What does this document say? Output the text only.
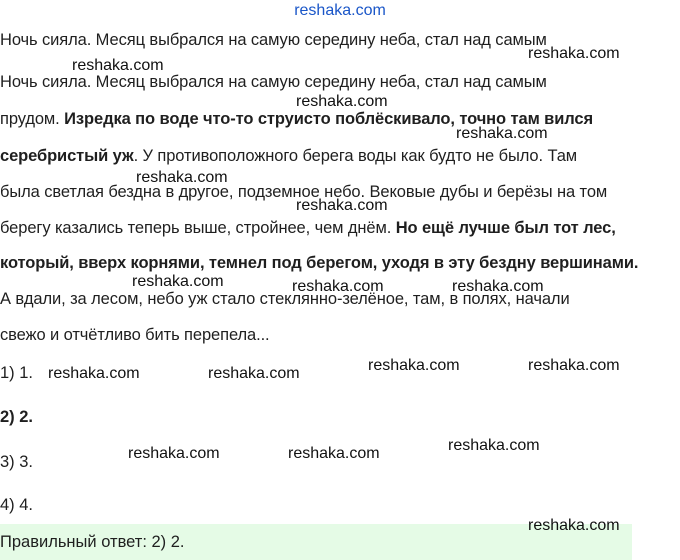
reshaka.com
Ночь сияла. Месяц выбрался на самую середину неба, стал над самым
Ночь сияла. Месяц выбрался на самую середину неба, стал над самым
прудом. Изредка по воде что-то струисто поблёскивало, точно там вился
серебристый уж. У противоположного берега воды как будто не было. Там
была светлая бездна в другое, подземное небо. Вековые дубы и берёзы на том
берегу казались теперь выше, стройнее, чем днём. Но ещё лучше был тот лес,
который, вверх корнями, темнел под берегом, уходя в эту бездну вершинами.
А вдали, за лесом, небо уж стало стеклянно-зелёное, там, в полях, начали
свежо и отчётливо бить перепела...
1) 1.
2) 2.
3) 3.
4) 4.
Правильный ответ: 2) 2.
reshaka.com
reshaka.com
reshaka.com
reshaka.com
reshaka.com
reshaka.com
reshaka.com	reshaka.com	reshaka.com
reshaka.com	reshaka.com	reshaka.com	reshaka.com
reshaka.com
reshaka.com	reshaka.com
reshaka.com
